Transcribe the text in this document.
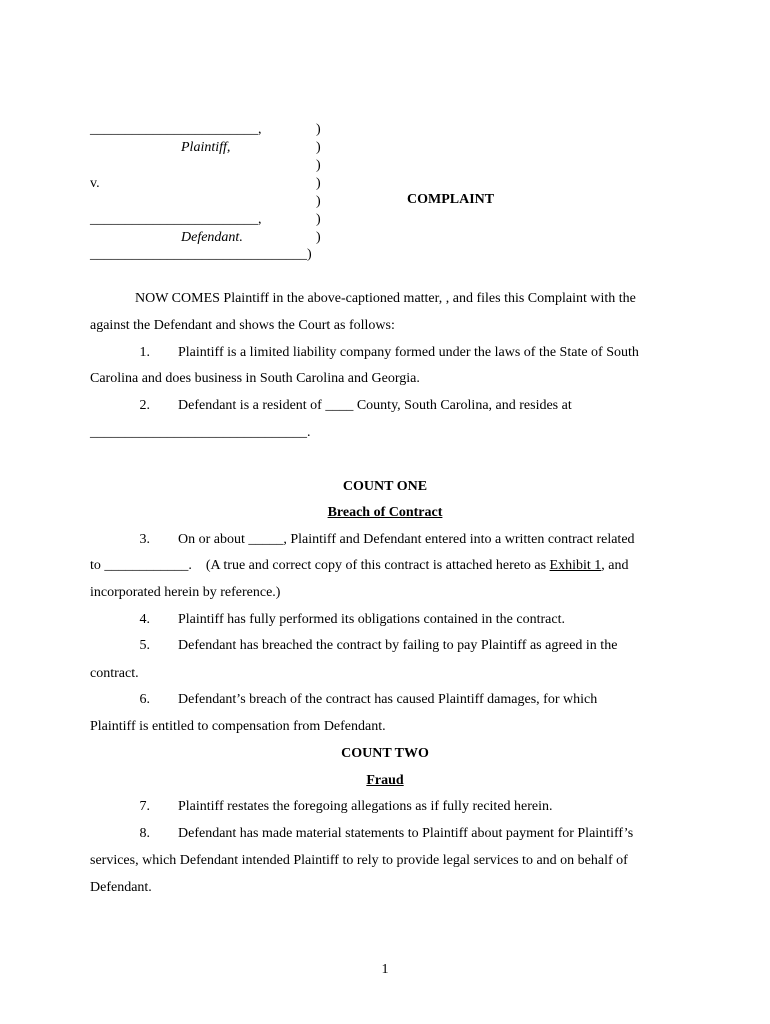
________________________,
Plaintiff,
v.
________________________,
Defendant.
_______________________________)
)
)
)
)
)
)
)
COMPLAINT
NOW COMES Plaintiff in the above-captioned matter, , and files this Complaint with the
against the Defendant and shows the Court as follows:
1. Plaintiff is a limited liability company formed under the laws of the State of South
Carolina and does business in South Carolina and Georgia.
2. Defendant is a resident of ____ County, South Carolina, and resides at
_______________________________.
COUNT ONE
Breach of Contract
3. On or about _____, Plaintiff and Defendant entered into a written contract related
to ____________.    (A true and correct copy of this contract is attached hereto as Exhibit 1, and
incorporated herein by reference.)
4. Plaintiff has fully performed its obligations contained in the contract.
5. Defendant has breached the contract by failing to pay Plaintiff as agreed in the
contract.
6. Defendant’s breach of the contract has caused Plaintiff damages, for which
Plaintiff is entitled to compensation from Defendant.
COUNT TWO
Fraud
7. Plaintiff restates the foregoing allegations as if fully recited herein.
8. Defendant has made material statements to Plaintiff about payment for Plaintiff’s
services, which Defendant intended Plaintiff to rely to provide legal services to and on behalf of
Defendant.
1
